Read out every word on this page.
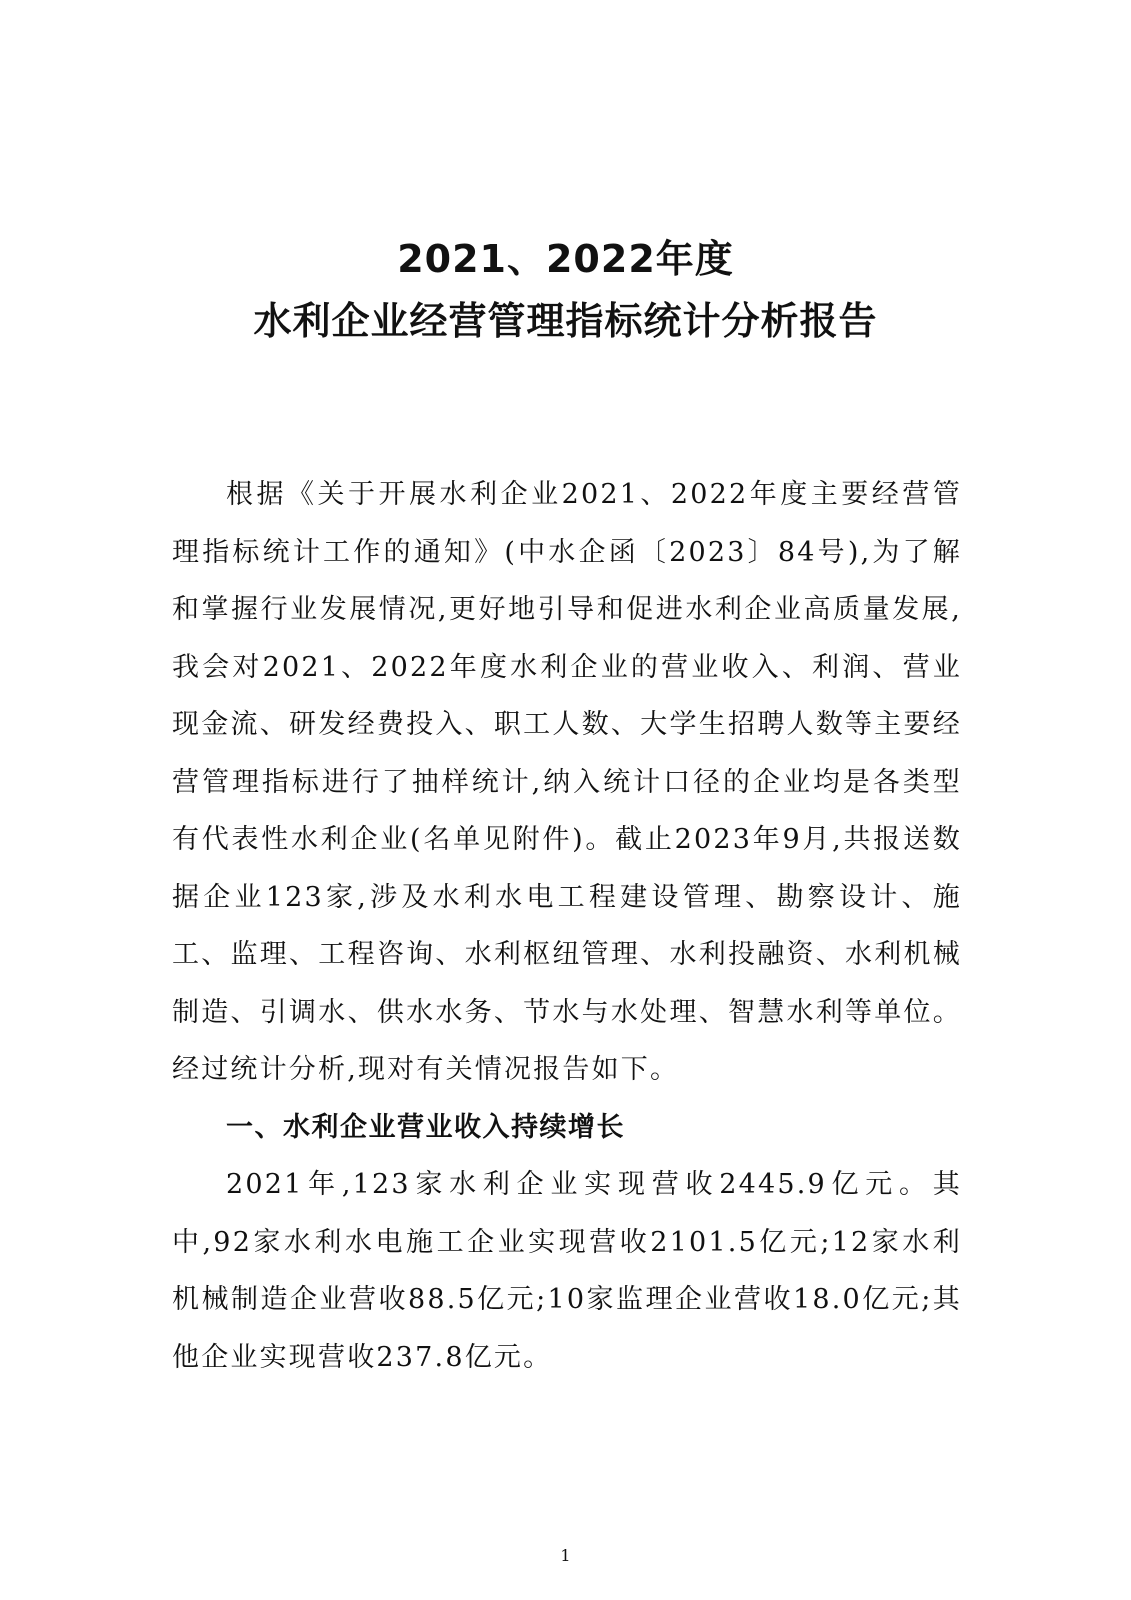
2021、2022年度
水利企业经营管理指标统计分析报告

根据《关于开展水利企业2021、2022年度主要经营管理指标统计工作的通知》(中水企函〔2023〕84号),为了解和掌握行业发展情况,更好地引导和促进水利企业高质量发展,我会对2021、2022年度水利企业的营业收入、利润、营业现金流、研发经费投入、职工人数、大学生招聘人数等主要经营管理指标进行了抽样统计,纳入统计口径的企业均是各类型有代表性水利企业(名单见附件)。截止2023年9月,共报送数据企业123家,涉及水利水电工程建设管理、勘察设计、施工、监理、工程咨询、水利枢纽管理、水利投融资、水利机械制造、引调水、供水水务、节水与水处理、智慧水利等单位。经过统计分析,现对有关情况报告如下。

一、水利企业营业收入持续增长

2021年,123家水利企业实现营收2445.9亿元。其中,92家水利水电施工企业实现营收2101.5亿元;12家水利机械制造企业营收88.5亿元;10家监理企业营收18.0亿元;其他企业实现营收237.8亿元。

1
